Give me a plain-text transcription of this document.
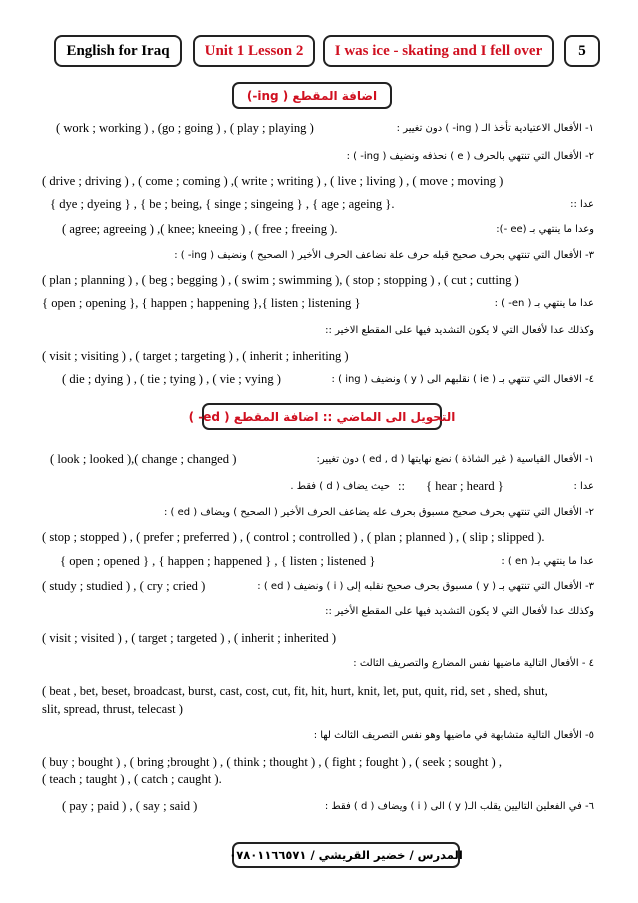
English for Iraq	Unit 1 Lesson 2	I was ice - skating and I fell over	5
اضافة المقطع ( ing-)
١- الأفعال الاعتيادية تأخذ الـ ( ing- ) دون تغيير :
( work ; working ) , (go ; going ) , ( play ; playing )
٢- الأفعال التي تنتهي بالحرف ( e ) نحذفه ونضيف ( ing- ) :
( drive ; driving ) , ( come ; coming ) ,( write ; writing ) , ( live ; living ) , ( move ; moving )
عدا ::
{ dye ; dyeing } , { be ; being, { singe ; singeing } , { age ; ageing }.
وعدا ما ينتهي بـ (ee -):
( agree; agreeing ) ,( knee; kneeing ) , ( free ; freeing ).
٣- الأفعال التي تنتهي بحرف صحيح قبله حرف علة نضاعف الحرف الأخير ( الصحيح ) ونضيف ( ing- ) :
( plan ; planning ) , ( beg ; begging ) , ( swim ; swimming ), ( stop ; stopping ) , ( cut ; cutting )
عدا ما ينتهي بـ ( en- ) :
{ open ; opening }, { happen ; happening },{ listen ; listening }
وكذلك عدا لأفعال التي لا يكون التشديد فيها على المقطع الاخير ::
( visit ; visiting ) , ( target ; targeting ) , ( inherit ; inheriting )
٤- الافعال التي تنتهي بـ ( ie ) نقلبهم الى ( y ) ونضيف ( ing ) :
( die ; dying ) , ( tie ; tying ) , ( vie ; vying )
التحويل الى الماضي :: اضافة المقطع ( ed- )
١- الأفعال القياسية ( غير الشاذة ) نضع نهايتها ( ed , d ) دون تغيير:
( look ; looked ),( change ; changed )
عدا :
{ hear ; heard }
::
حيث يضاف ( d ) فقط .
٢- الأفعال التي تنتهي بحرف صحيح مسبوق بحرف عله يضاعف الحرف الأخير ( الصحيح ) ويضاف ( ed ) :
( stop ; stopped ) , ( prefer ; preferred ) , ( control ; controlled ) , ( plan ; planned ) , ( slip ; slipped ).
عدا ما ينتهي بـ( en ) :
{ open ; opened } , { happen ; happened } , { listen ; listened }
٣- الأفعال التي تنتهي بـ ( y ) مسبوق بحرف صحيح نقلبه إلى ( i ) ونضيف ( ed ) :
( study ; studied ) , ( cry ; cried )
وكذلك عدا لأفعال التي لا يكون التشديد فيها على المقطع الأخير ::
( visit ; visited ) , ( target ; targeted ) , ( inherit ; inherited )
٤ - الأفعال التالية ماضيها نفس المضارع والتصريف الثالث :
( beat , bet, beset, broadcast, burst, cast, cost, cut, fit, hit, hurt, knit, let, put, quit, rid, set , shed, shut,
slit, spread, thrust, telecast )
٥- الأفعال التالية متشابهة في ماضيها وهو نفس التصريف الثالث لها :
( buy ; bought ) , ( bring ;brought ) , ( think ; thought ) , ( fight ; fought ) , ( seek ; sought ) ,
( teach ; taught ) , ( catch ; caught ).
٦- في الفعلين التاليين يقلب الـ( y ) الى ( i ) ويضاف ( d ) فقط :
( pay ; paid ) , ( say ; said )
المدرس / خضير القريشي / ٠٧٨٠١١٦٦٥٧١
